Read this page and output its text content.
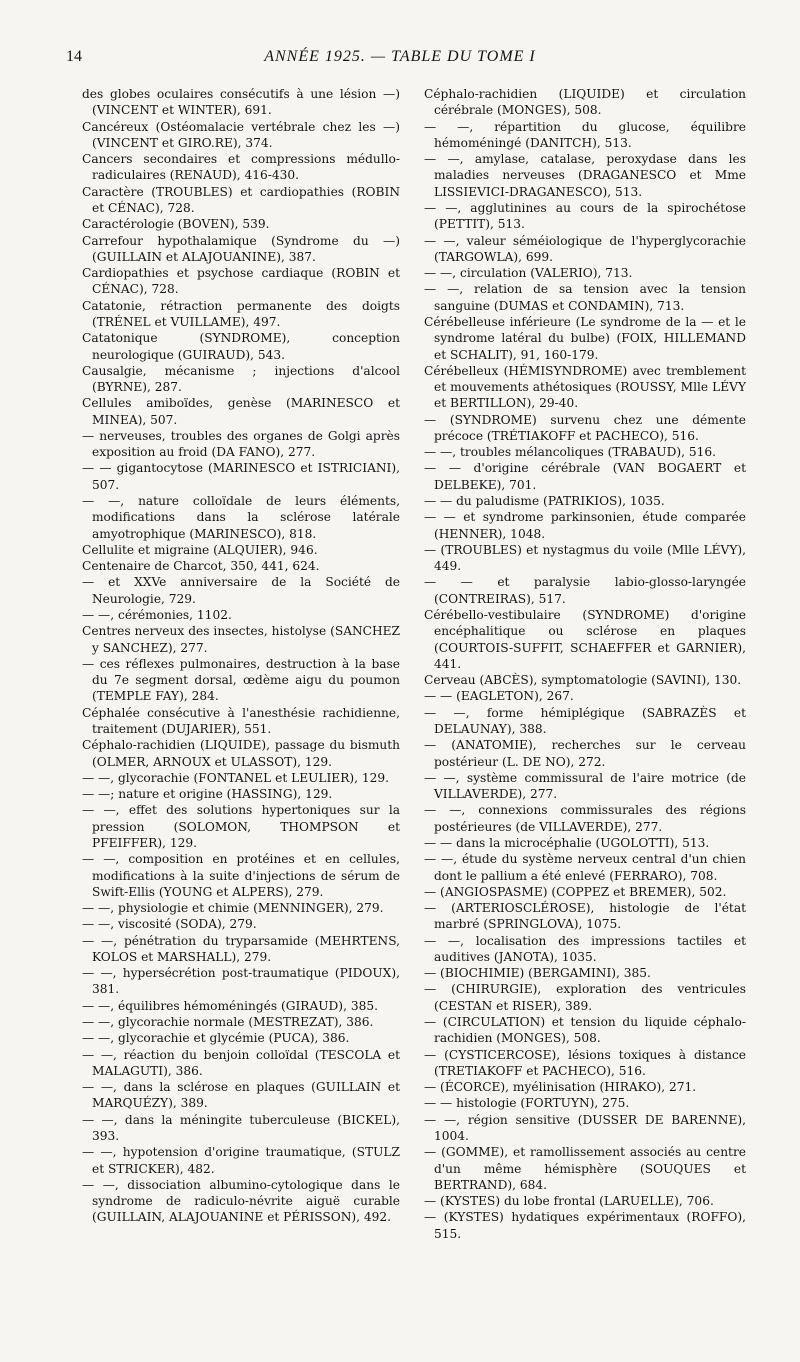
14	ANNÉE 1925. — TABLE DU TOME I
des globes oculaires consécutifs à une lésion —) (VINCENT et WINTER), 691.
Cancéreux (Ostéomalacie vertébrale chez les —) (VINCENT et GIRO.RE), 374.
Cancers secondaires et compressions médullo-radiculaires (RENAUD), 416-430.
Caractère (TROUBLES) et cardiopathies (ROBIN et CÉNAC), 728.
Caractérologie (BOVEN), 539.
Carrefour hypothalamique (Syndrome du —) (GUILLAIN et ALAJOUANINE), 387.
Cardiopathies et psychose cardiaque (ROBIN et CÉNAC), 728.
Catatonie, rétraction permanente des doigts (TRÉNEL et VUILLAME), 497.
Catatonique (SYNDROME), conception neurologique (GUIRAUD), 543.
Causalgie, mécanisme ; injections d'alcool (BYRNE), 287.
Cellules amiboïdes, genèse (MARINESCO et MINEA), 507.
— nerveuses, troubles des organes de Golgi après exposition au froid (DA FANO), 277.
— — gigantocytose (MARINESCO et ISTRICIANI), 507.
— —, nature colloïdale de leurs éléments, modifications dans la sclérose latérale amyotrophique (MARINESCO), 818.
Cellulite et migraine (ALQUIER), 946.
Centenaire de Charcot, 350, 441, 624.
— et XXVe anniversaire de la Société de Neurologie, 729.
— —, cérémonies, 1102.
Centres nerveux des insectes, histolyse (SANCHEZ y SANCHEZ), 277.
— ces réflexes pulmonaires, destruction à la base du 7e segment dorsal, œdème aigu du poumon (TEMPLE FAY), 284.
Céphalée consécutive à l'anesthésie rachidienne, traitement (DUJARIER), 551.
Céphalo-rachidien (LIQUIDE), passage du bismuth (OLMER, ARNOUX et ULASSOT), 129.
— —, glycorachie (FONTANEL et LEULIER), 129.
— —; nature et origine (HASSING), 129.
— —, effet des solutions hypertoniques sur la pression (SOLOMON, THOMPSON et PFEIFFER), 129.
— —, composition en protéines et en cellules, modifications à la suite d'injections de sérum de Swift-Ellis (YOUNG et ALPERS), 279.
— —, physiologie et chimie (MENNINGER), 279.
— —, viscosité (SODA), 279.
— —, pénétration du tryparsamide (MEHRTENS, KOLOS et MARSHALL), 279.
— —, hypersécrétion post-traumatique (PIDOUX), 381.
— —, équilibres hémoméningés (GIRAUD), 385.
— —, glycorachie normale (MESTREZAT), 386.
— —, glycorachie et glycémie (PUCA), 386.
— —, réaction du benjoin colloïdal (TESCOLA et MALAGUTI), 386.
— —, dans la sclérose en plaques (GUILLAIN et MARQUÉZY), 389.
— —, dans la méningite tuberculeuse (BICKEL), 393.
— —, hypotension d'origine traumatique, (STULZ et STRICKER), 482.
— —, dissociation albumino-cytologique dans le syndrome de radiculo-névrite aiguë curable (GUILLAIN, ALAJOUANINE et PÉRISSON), 492.
Céphalo-rachidien (LIQUIDE) et circulation cérébrale (MONGES), 508.
— —, répartition du glucose, équilibre hémoméningé (DANITCH), 513.
— —, amylase, catalase, peroxydase dans les maladies nerveuses (DRAGANESCO et Mme LISSIEVICI-DRAGANESCO), 513.
— —, agglutinines au cours de la spirochétose (PETTIT), 513.
— —, valeur séméiologique de l'hyperglycorachie (TARGOWLA), 699.
— —, circulation (VALERIO), 713.
— —, relation de sa tension avec la tension sanguine (DUMAS et CONDAMIN), 713.
Cérébelleuse inférieure (Le syndrome de la — et le syndrome latéral du bulbe) (FOIX, HILLEMAND et SCHALIT), 91, 160-179.
Cérébelleux (HÉMISYNDROME) avec tremblement et mouvements athétosiques (ROUSSY, Mlle LÉVY et BERTILLON), 29-40.
— (SYNDROME) survenu chez une démente précoce (TRÉTIAKOFF et PACHECO), 516.
— —, troubles mélancoliques (TRABAUD), 516.
— — d'origine cérébrale (VAN BOGAERT et DELBEKE), 701.
— — du paludisme (PATRIKIOS), 1035.
— — et syndrome parkinsonien, étude comparée (HENNER), 1048.
— (TROUBLES) et nystagmus du voile (Mlle LÉVY), 449.
— — et paralysie labio-glosso-laryngée (CONTREIRAS), 517.
Cérébello-vestibulaire (SYNDROME) d'origine encéphalitique ou sclérose en plaques (COURTOIS-SUFFIT, SCHAEFFER et GARNIER), 441.
Cerveau (ABCÈS), symptomatologie (SAVINI), 130.
— — (EAGLETON), 267.
— —, forme hémiplégique (SABRAZÈS et DELAUNAY), 388.
— (ANATOMIE), recherches sur le cerveau postérieur (L. DE NO), 272.
— —, système commissural de l'aire motrice (de VILLAVERDE), 277.
— —, connexions commissurales des régions postérieures (de VILLAVERDE), 277.
— — dans la microcéphalie (UGOLOTTI), 513.
— —, étude du système nerveux central d'un chien dont le pallium a été enlevé (FERRARO), 708.
— (ANGIOSPASME) (COPPEZ et BREMER), 502.
— (ARTERIOSCLÉROSE), histologie de l'état marbré (SPRINGLOVA), 1075.
— —, localisation des impressions tactiles et auditives (JANOTA), 1035.
— (BIOCHIMIE) (BERGAMINI), 385.
— (CHIRURGIE), exploration des ventricules (CESTAN et RISER), 389.
— (CIRCULATION) et tension du liquide céphalo-rachidien (MONGES), 508.
— (CYSTICERCOSE), lésions toxiques à distance (TRETIAKOFF et PACHECO), 516.
— (ÉCORCE), myélinisation (HIRAKO), 271.
— — histologie (FORTUYN), 275.
— —, région sensitive (DUSSER DE BARENNE), 1004.
— (GOMME), et ramollissement associés au centre d'un même hémisphère (SOUQUES et BERTRAND), 684.
— (KYSTES) du lobe frontal (LARUELLE), 706.
— (KYSTES) hydatiques expérimentaux (ROFFO), 515.
